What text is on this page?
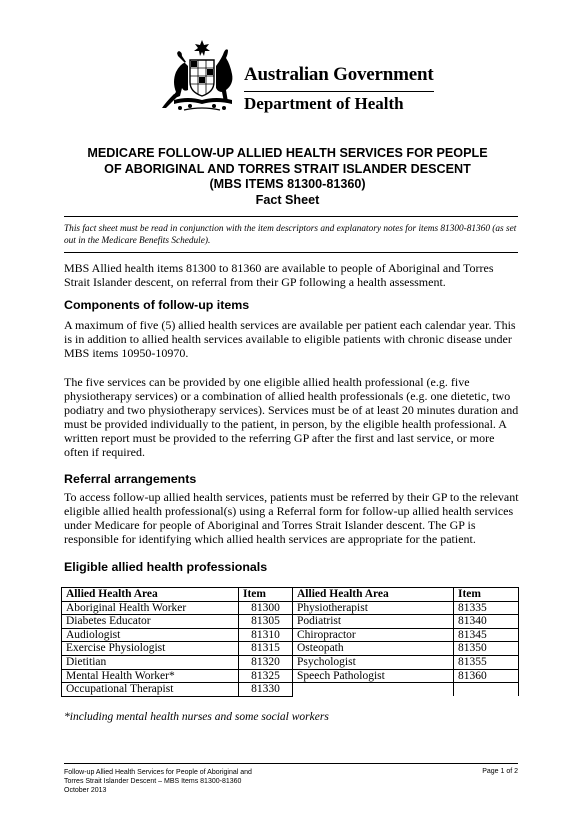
Australian Government
Department of Health
MEDICARE FOLLOW-UP ALLIED HEALTH SERVICES FOR PEOPLE
OF ABORIGINAL AND TORRES STRAIT ISLANDER DESCENT
(MBS ITEMS 81300-81360)
Fact Sheet
This fact sheet must be read in conjunction with the item descriptors and explanatory notes for items 81300-81360 (as set out in the Medicare Benefits Schedule).
MBS Allied health items 81300 to 81360 are available to people of Aboriginal and Torres Strait Islander descent, on referral from their GP following a health assessment.
Components of follow-up items
A maximum of five (5) allied health services are available per patient each calendar year. This is in addition to allied health services available to eligible patients with chronic disease under MBS items 10950-10970.
The five services can be provided by one eligible allied health professional (e.g. five physiotherapy services) or a combination of allied health professionals (e.g. one dietetic, two podiatry and two physiotherapy services). Services must be of at least 20 minutes duration and must be provided individually to the patient, in person, by the eligible health professional. A written report must be provided to the referring GP after the first and last service, or more often if required.
Referral arrangements
To access follow-up allied health services, patients must be referred by their GP to the relevant eligible allied health professional(s) using a Referral form for follow-up allied health services under Medicare for people of Aboriginal and Torres Strait Islander descent. The GP is responsible for identifying which allied health services are appropriate for the patient.
Eligible allied health professionals
Allied Health Area	Item	Allied Health Area	Item
Aboriginal Health Worker	81300	Physiotherapist	81335
Diabetes Educator	81305	Podiatrist	81340
Audiologist	81310	Chiropractor	81345
Exercise Physiologist	81315	Osteopath	81350
Dietitian	81320	Psychologist	81355
Mental Health Worker*	81325	Speech Pathologist	81360
Occupational Therapist	81330		
*including mental health nurses and some social workers
Follow-up Allied Health Services for People of Aboriginal and
Torres Strait Islander Descent – MBS Items 81300-81360
October 2013
Page 1 of 2
